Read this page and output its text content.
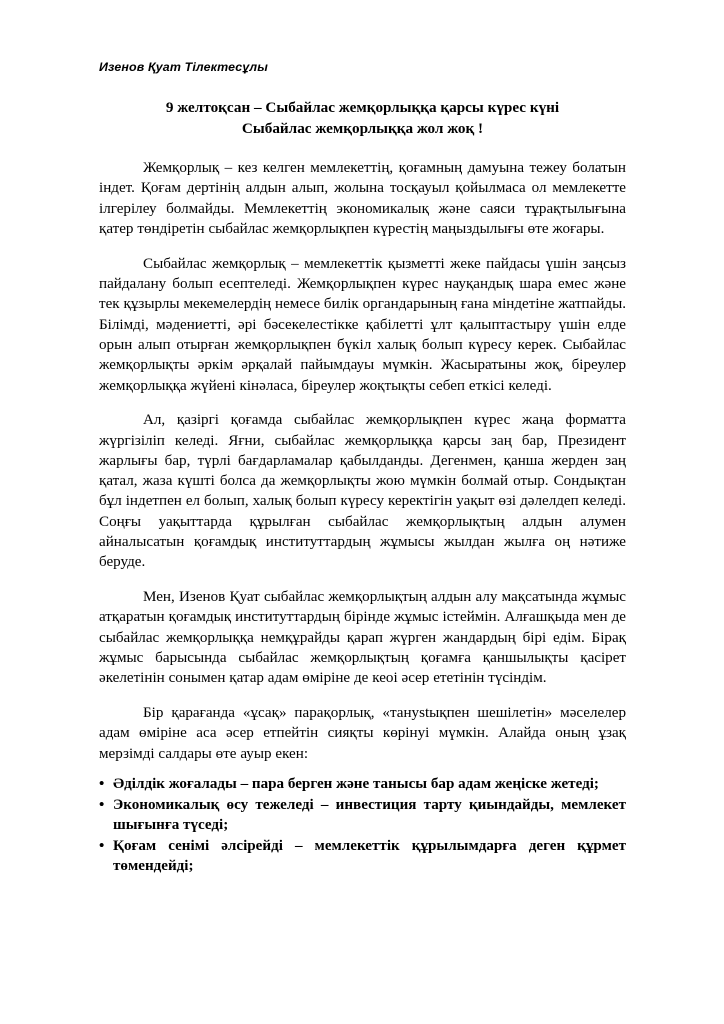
Изенов Қуат Тілектесұлы
9 желтоқсан – Сыбайлас жемқорлыққа қарсы күрес күні
Сыбайлас жемқорлыққа жол жоқ !

Жемқорлық – кез келген мемлекеттің, қоғамның дамуына тежеу болатын індет. Қоғам дертінің алдын алып, жолына тосқауыл қойылмаса ол мемлекетте ілгерілеу болмайды. Мемлекеттің экономикалық және саяси тұрақтылығына қатер төндіретін сыбайлас жемқорлықпен күрестің маңыздылығы өте жоғары.

Сыбайлас жемқорлық – мемлекеттік қызметті жеке пайдасы үшін заңсыз пайдалану болып есептеледі. Жемқорлықпен күрес науқандық шара емес және тек құзырлы мекемелердің немесе билік органдарының ғана міндетіне жатпайды. Білімді, мәдениетті, әрі бәсекелестікке қабілетті ұлт қалыптастыру үшін елде орын алып отырған жемқорлықпен бүкіл халық болып күресу керек. Сыбайлас жемқорлықты әркім әрқалай пайымдауы мүмкін. Жасыратыны жоқ, біреулер жемқорлыққа жүйені кінәласа, біреулер жоқтықты себеп еткісі келеді.

Ал, қазіргі қоғамда сыбайлас жемқорлықпен күрес жаңа форматта жүргізіліп келеді. Яғни, сыбайлас жемқорлыққа қарсы заң бар, Президент жарлығы бар, түрлі бағдарламалар қабылданды. Дегенмен, қанша жерден заң қатал, жаза күшті болса да жемқорлықты жою мүмкін болмай отыр. Сондықтан бұл індетпен ел болып, халық болып күресу керектігін уақыт өзі дәлелдеп келеді. Соңғы уақыттарда құрылған сыбайлас жемқорлықтың алдын алумен айналысатын қоғамдық институттардың жұмысы жылдан жылға оң нәтиже беруде.

Мен, Изенов Қуат сыбайлас жемқорлықтың алдын алу мақсатында жұмыс атқаратын қоғамдық институттардың бірінде жұмыс істеймін. Алғашқыда мен де сыбайлас жемқорлыққа немқұрайды қарап жүрген жандардың бірі едім. Бірақ жұмыс барысында сыбайлас жемқорлықтың қоғамға қаншылықты қасірет әкелетінін сонымен қатар адам өміріне де кеоі әсер ететінін түсіндім.

Бір қарағанда «ұсақ» парақорлық, «танystықпен шешілетін» мәселелер адам өміріне аса әсер етпейтін сияқты көрінуі мүмкін. Алайда оның ұзақ мерзімді салдары өте ауыр екен:

• Әділдік жоғалады – пара берген және танысы бар адам жеңіске жетеді;
• Экономикалық өсу тежеледі – инвестиция тарту қиындайды, мемлекет шығынға түседі;
• Қоғам сенімі әлсірейді – мемлекеттік құрылымдарға деген құрмет төмендейді;
